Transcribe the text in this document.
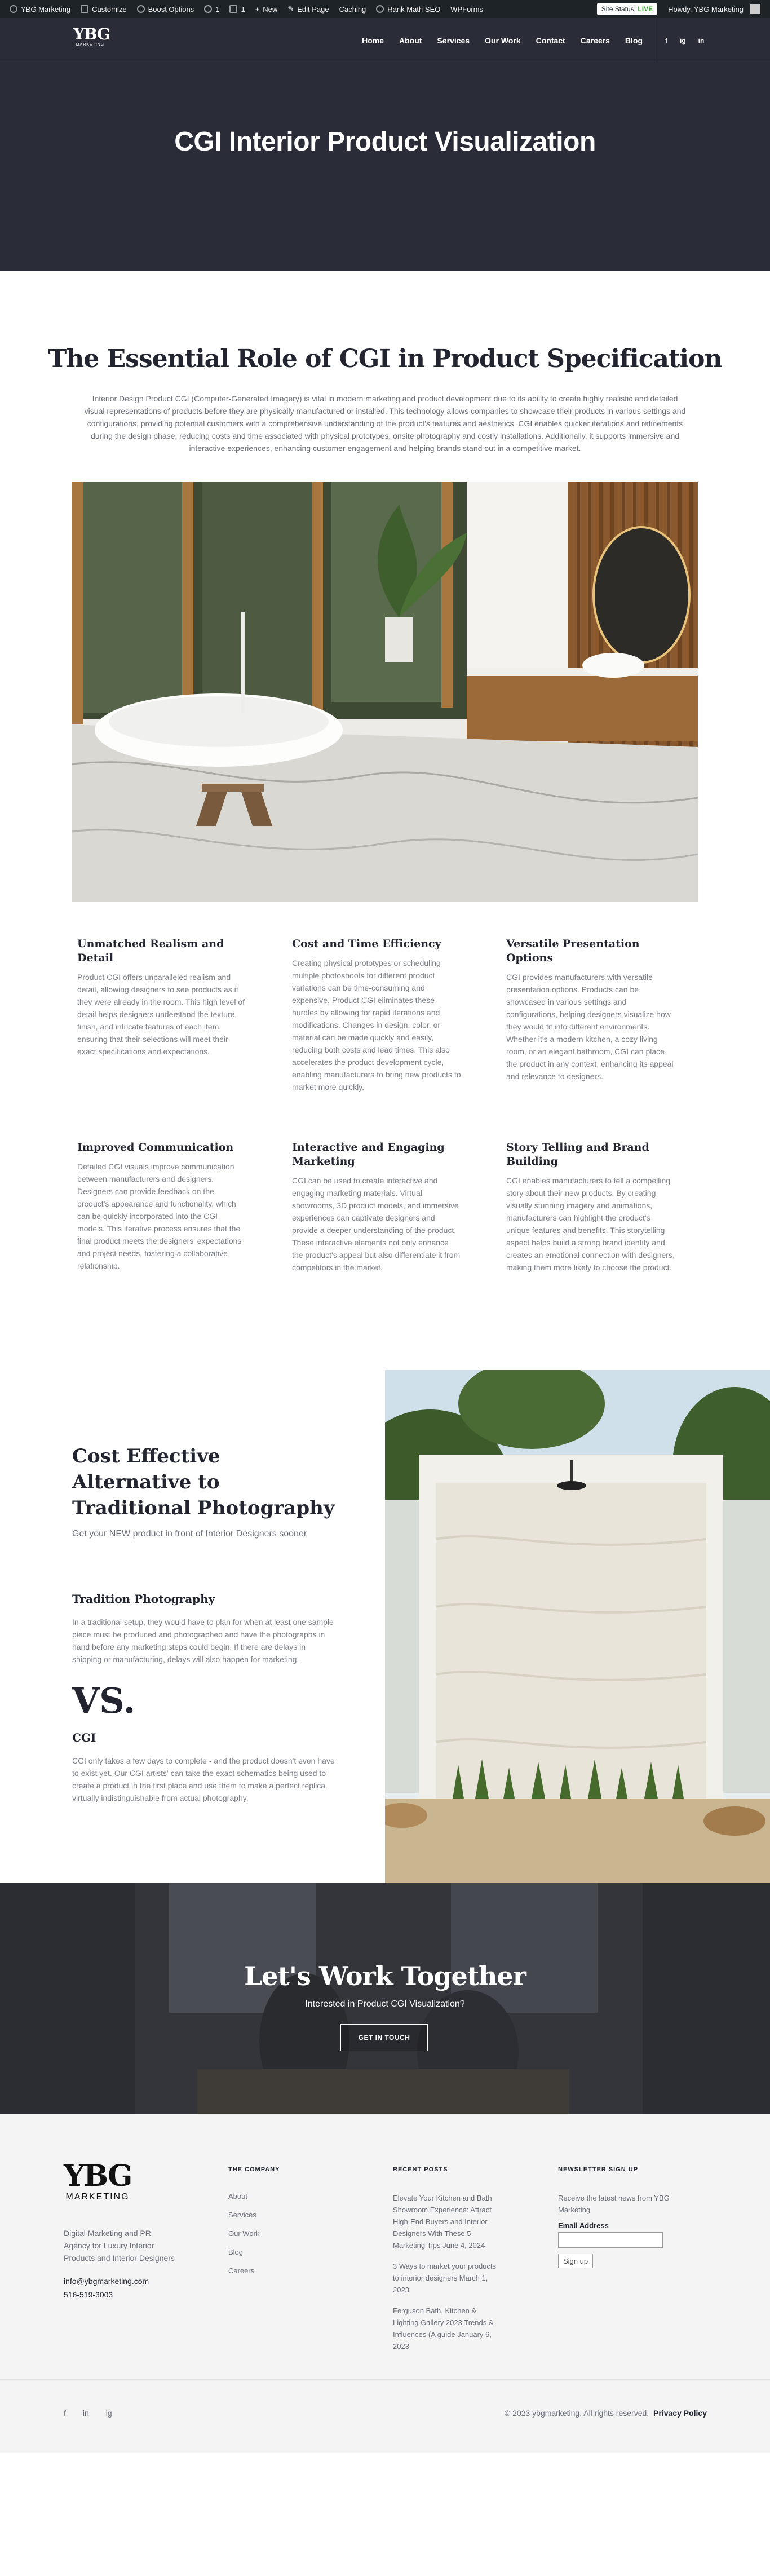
YBG Marketing	Customize	Boost Options	1	1 + New ✎ Edit Page Caching	Rank Math SEO WPForms	Site Status: LIVE	Howdy, YBG Marketing
YBG
MARKETING	Home About Services Our Work Contact Careers Blog	f ig in
CGI Interior Product Visualization
The Essential Role of CGI in Product Specification
Interior Design Product CGI (Computer-Generated Imagery) is vital in modern marketing and product development due to its ability to create highly realistic and detailed visual representations of products before they are physically manufactured or installed. This technology allows companies to showcase their products in various settings and configurations, providing potential customers with a comprehensive understanding of the product's features and aesthetics. CGI enables quicker iterations and refinements during the design phase, reducing costs and time associated with physical prototypes, onsite photography and costly installations. Additionally, it supports immersive and interactive experiences, enhancing customer engagement and helping brands stand out in a competitive market.
Unmatched Realism and Detail

Product CGI offers unparalleled realism and detail, allowing designers to see products as if they were already in the room. This high level of detail helps designers understand the texture, finish, and intricate features of each item, ensuring that their selections will meet their exact specifications and expectations.

Cost and Time Efficiency

Creating physical prototypes or scheduling multiple photoshoots for different product variations can be time-consuming and expensive. Product CGI eliminates these hurdles by allowing for rapid iterations and modifications. Changes in design, color, or material can be made quickly and easily, reducing both costs and lead times. This also accelerates the product development cycle, enabling manufacturers to bring new products to market more quickly.

Versatile Presentation Options

CGI provides manufacturers with versatile presentation options. Products can be showcased in various settings and configurations, helping designers visualize how they would fit into different environments. Whether it's a modern kitchen, a cozy living room, or an elegant bathroom, CGI can place the product in any context, enhancing its appeal and relevance to designers.

Improved Communication

Detailed CGI visuals improve communication between manufacturers and designers. Designers can provide feedback on the product's appearance and functionality, which can be quickly incorporated into the CGI models. This iterative process ensures that the final product meets the designers' expectations and project needs, fostering a collaborative relationship.

Interactive and Engaging Marketing

CGI can be used to create interactive and engaging marketing materials. Virtual showrooms, 3D product models, and immersive experiences can captivate designers and provide a deeper understanding of the product. These interactive elements not only enhance the product's appeal but also differentiate it from competitors in the market.

Story Telling and Brand Building

CGI enables manufacturers to tell a compelling story about their new products. By creating visually stunning imagery and animations, manufacturers can highlight the product's unique features and benefits. This storytelling aspect helps build a strong brand identity and creates an emotional connection with designers, making them more likely to choose the product.

Cost Effective Alternative to Traditional Photography
Get your NEW product in front of Interior Designers sooner
Tradition Photography

In a traditional setup, they would have to plan for when at least one sample piece must be produced and photographed and have the photographs in hand before any marketing steps could begin. If there are delays in shipping or manufacturing, delays will also happen for marketing.

VS.
CGI

CGI only takes a few days to complete - and the product doesn't even have to exist yet. Our CGI artists' can take the exact schematics being used to create a product in the first place and use them to make a perfect replica virtually indistinguishable from actual photography.

Let's Work Together
Interested in Product CGI Visualization?
GET IN TOUCH
YBG
MARKETING
Digital Marketing and PR Agency for Luxury Interior Products and Interior Designers
info@ybgmarketing.com
516-519-3003
THE COMPANY
About
Services
Our Work
Blog
Careers
RECENT POSTS
Elevate Your Kitchen and Bath Showroom Experience: Attract High-End Buyers and Interior Designers With These 5 Marketing Tips June 4, 2024
3 Ways to market your products to interior designers March 1, 2023
Ferguson Bath, Kitchen & Lighting Gallery 2023 Trends & Influences (A guide January 6, 2023
NEWSLETTER SIGN UP

Receive the latest news from YBG Marketing

Email Address
Sign up
f in ig	© 2023 ybgmarketing. All rights reserved. Privacy Policy
